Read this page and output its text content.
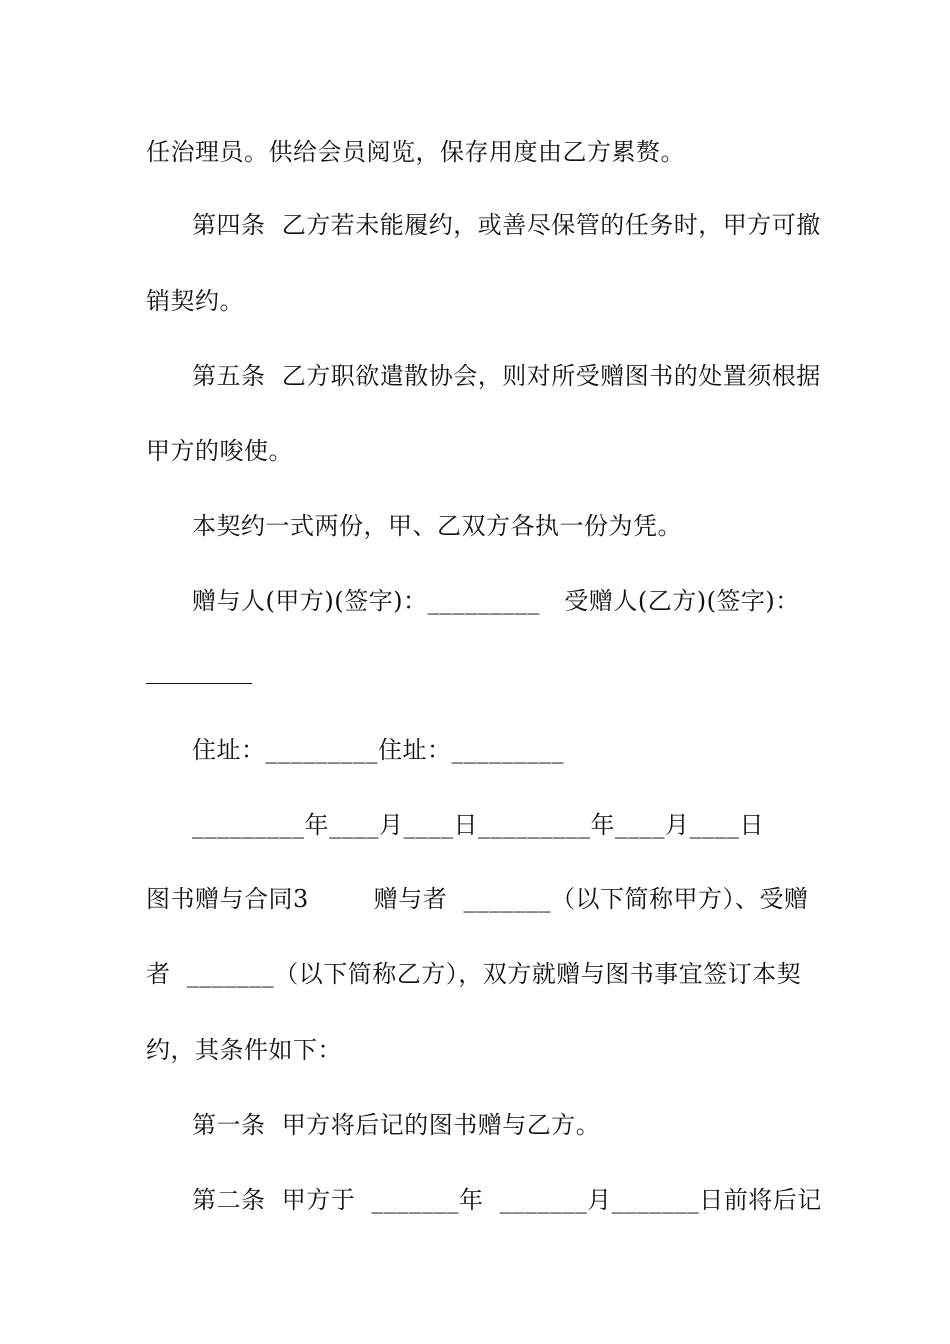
任治理员。供给会员阅览，保存用度由乙方累赘。
第四条  乙方若未能履约，或善尽保管的任务时，甲方可撤
销契约。
第五条  乙方职欲遣散协会，则对所受赠图书的处置须根据
甲方的唆使。
本契约一式两份，甲、乙双方各执一份为凭。
赠与人(甲方)(签字)：_________   受赠人(乙方)(签字)：
住址：_________住址：_________
_________年____月____日_________年____月____日
图书赠与合同3        赠与者  _______（以下简称甲方）、受赠
者  _______（以下简称乙方），双方就赠与图书事宜签订本契
约，其条件如下：
第一条  甲方将后记的图书赠与乙方。
第二条  甲方于  _______年  _______月_______日前将后记
